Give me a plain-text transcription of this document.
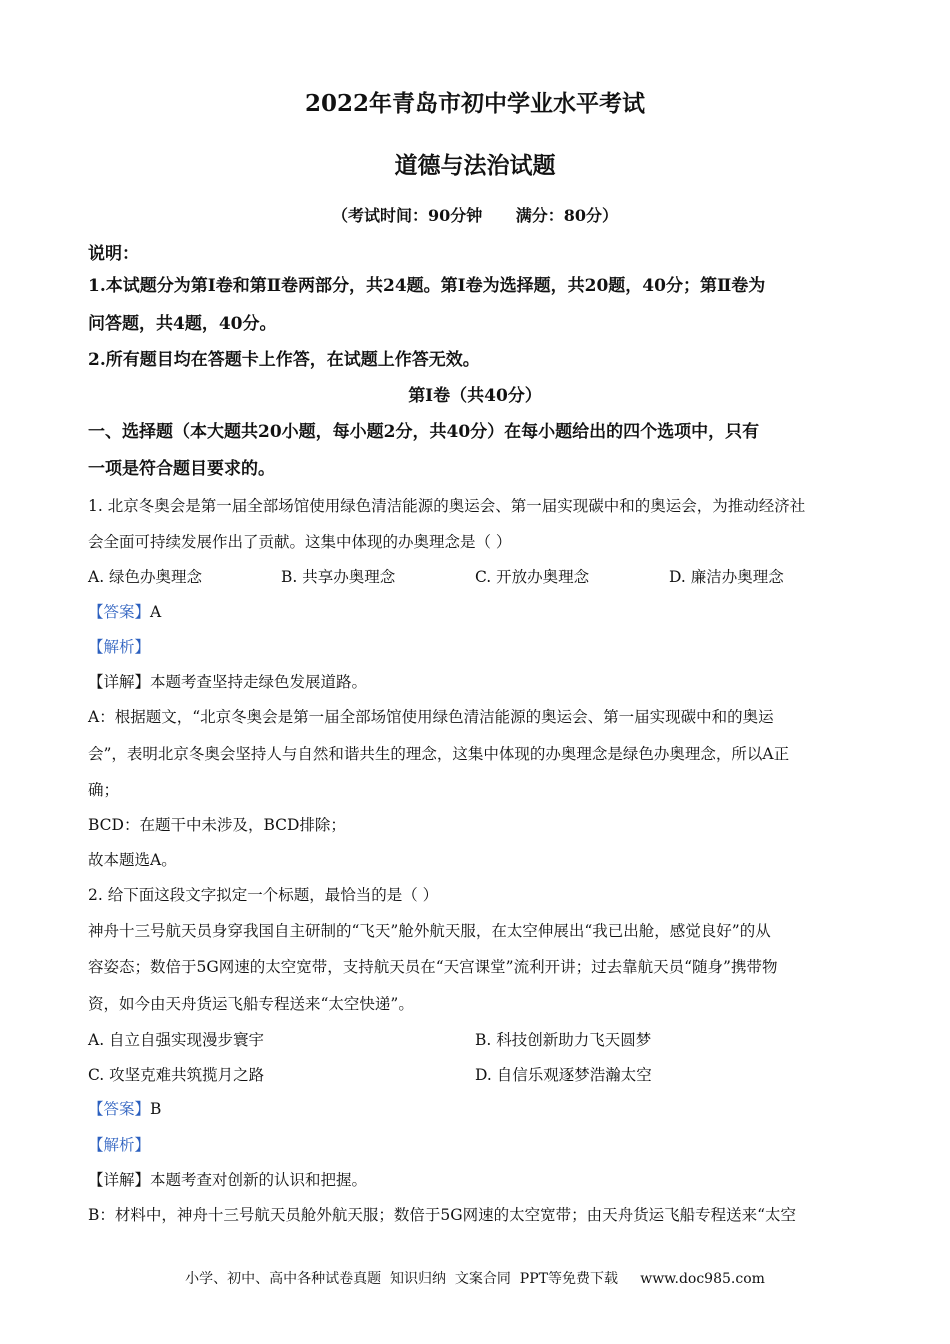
2022年青岛市初中学业水平考试
道德与法治试题
（考试时间：90分钟      满分：80分）
说明：
1.本试题分为第Ⅰ卷和第Ⅱ卷两部分，共24题。第Ⅰ卷为选择题，共20题，40分；第Ⅱ卷为
问答题，共4题，40分。
2.所有题目均在答题卡上作答，在试题上作答无效。
第Ⅰ卷（共40分）
一、选择题（本大题共20小题，每小题2分，共40分）在每小题给出的四个选项中，只有
一项是符合题目要求的。
1. 北京冬奥会是第一届全部场馆使用绿色清洁能源的奥运会、第一届实现碳中和的奥运会，为推动经济社
会全面可持续发展作出了贡献。这集中体现的办奥理念是（ ）
A. 绿色办奥理念	B. 共享办奥理念	C. 开放办奥理念	D. 廉洁办奥理念
【答案】A
【解析】
【详解】本题考查坚持走绿色发展道路。
A：根据题文，“北京冬奥会是第一届全部场馆使用绿色清洁能源的奥运会、第一届实现碳中和的奥运
会”，表明北京冬奥会坚持人与自然和谐共生的理念，这集中体现的办奥理念是绿色办奥理念，所以A正
确；
BCD：在题干中未涉及，BCD排除；
故本题选A。
2. 给下面这段文字拟定一个标题，最恰当的是（ ）
神舟十三号航天员身穿我国自主研制的“飞天”舱外航天服，在太空伸展出“我已出舱，感觉良好”的从
容姿态；数倍于5G网速的太空宽带，支持航天员在“天宫课堂”流利开讲；过去靠航天员“随身”携带物
资，如今由天舟货运飞船专程送来“太空快递”。
A. 自立自强实现漫步寰宇	B. 科技创新助力飞天圆梦
C. 攻坚克难共筑揽月之路	D. 自信乐观逐梦浩瀚太空
【答案】B
【解析】
【详解】本题考查对创新的认识和把握。
B：材料中，神舟十三号航天员舱外航天服；数倍于5G网速的太空宽带；由天舟货运飞船专程送来“太空
小学、初中、高中各种试卷真题  知识归纳  文案合同  PPT等免费下载     www.doc985.com
